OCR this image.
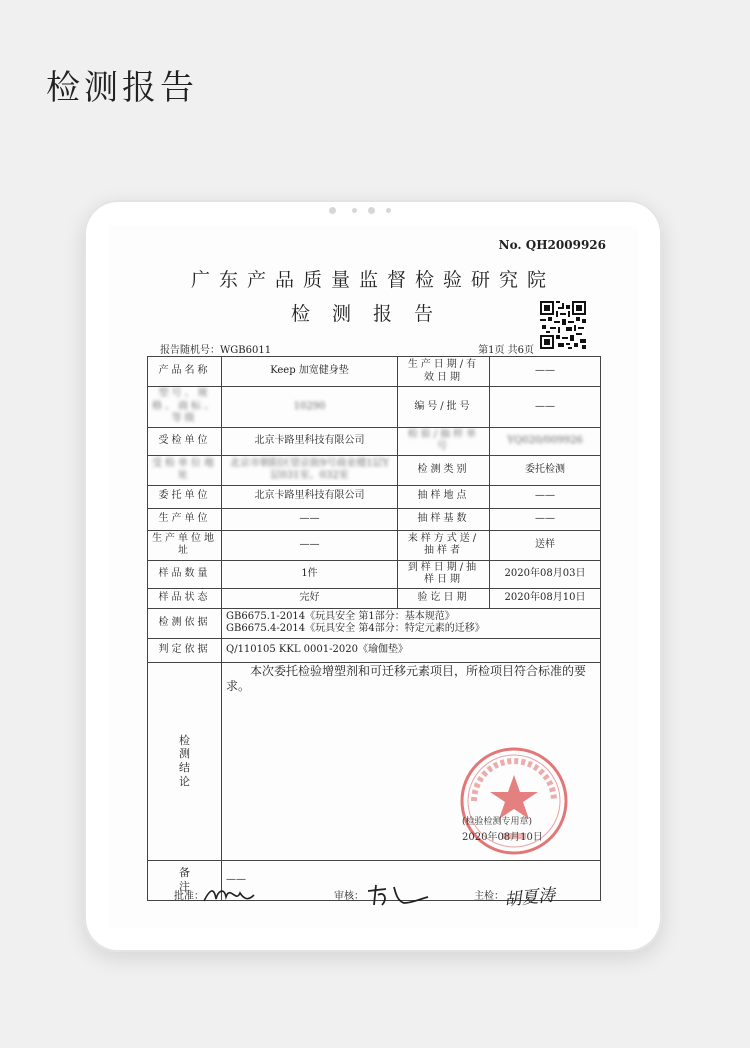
检测报告
No. QH2009926
广东产品质量监督检验研究院
检测报告
报告随机号：WGB6011	第1页 共6页
产品名称	Keep 加宽健身垫	生产日期/有效日期	——
型号、规格、商标、等级	10290	编号/批号	——
受检单位	北京卡路里科技有限公司	检验/抽样单号	YQ020/009926
受检单位地址	北京市朝阳区望京街9号商业楼1层Y层031室、032室	检测类别	委托检测
委托单位	北京卡路里科技有限公司	抽样地点	——
生产单位	——	抽样基数	——
生产单位地址	——	来样方式送/抽样者	送样
样品数量	1件	到样日期/抽样日期	2020年08月03日
样品状态	完好	验讫日期	2020年08月10日
检测依据	GB6675.1-2014《玩具安全 第1部分：基本规范》
GB6675.4-2014《玩具安全 第4部分：特定元素的迁移》		

判定依据	Q/110105 KKL 0001-2020《瑜伽垫》		

检
测
结
论	本次委托检验增塑剂和可迁移元素项目，所检项目符合标准的要求。		

备
注	——		
(检验检测专用章)
2020年08月10日
批准：	审核：	主检： 胡夏涛
